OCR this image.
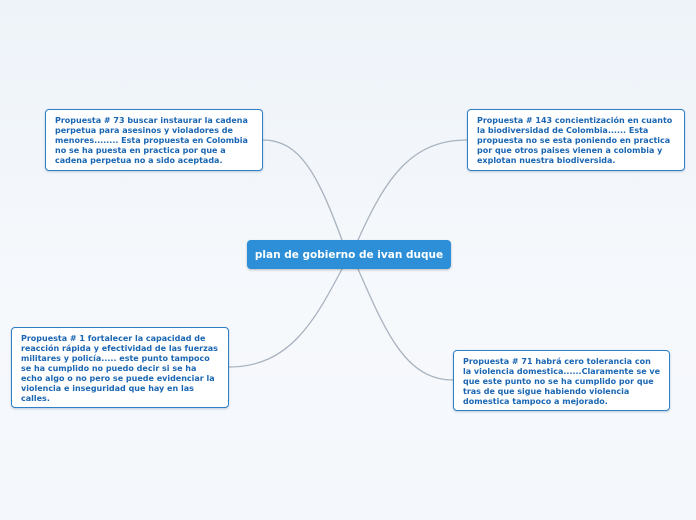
plan de gobierno de ivan duque
Propuesta # 73 buscar instaurar la cadena perpetua para asesinos y violadores de menores........ Esta propuesta en Colombia no se ha puesta en practica por que a cadena perpetua no a sido aceptada.
Propuesta # 143 concientización en cuanto la biodiversidad de Colombia...... Esta propuesta no se esta poniendo en practica por que otros paises vienen a colombia y explotan nuestra biodiversida.
Propuesta # 1 fortalecer la capacidad de reacción rápida y efectividad de las fuerzas militares y policía..... este punto tampoco se ha cumplido no puedo decir si se ha echo algo o no pero se puede evidenciar la violencia e inseguridad que hay en las calles.
Propuesta # 71 habrá cero tolerancia con la violencia domestica......Claramente se ve que este punto no se ha cumplido por que tras de que sigue habiendo violencia domestica tampoco a mejorado.
